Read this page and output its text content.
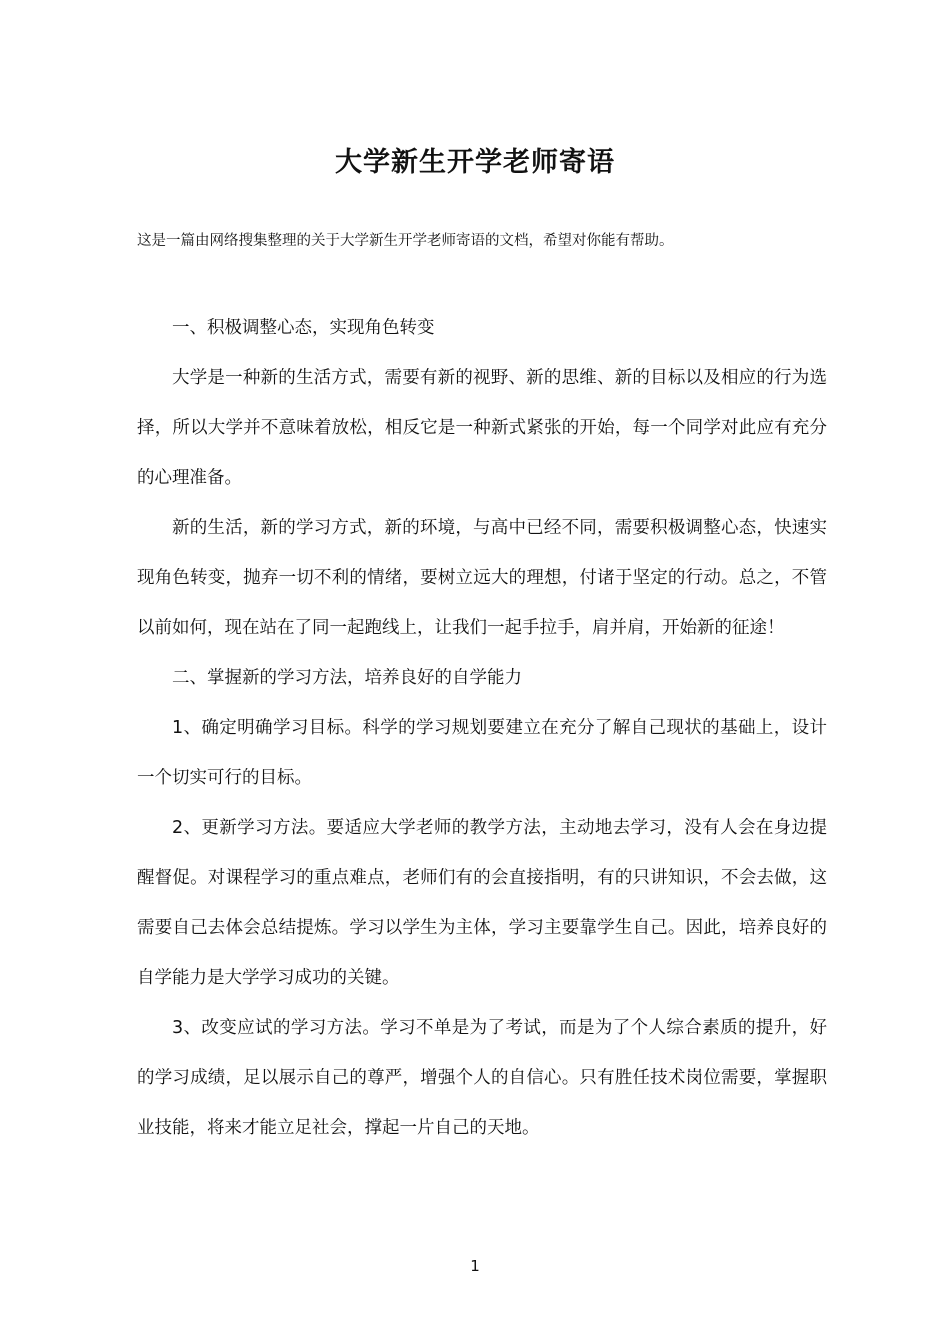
大学新生开学老师寄语
这是一篇由网络搜集整理的关于大学新生开学老师寄语的文档，希望对你能有帮助。

一、积极调整心态，实现角色转变

大学是一种新的生活方式，需要有新的视野、新的思维、新的目标以及相应的行为选择，所以大学并不意味着放松，相反它是一种新式紧张的开始，每一个同学对此应有充分的心理准备。

新的生活，新的学习方式，新的环境，与高中已经不同，需要积极调整心态，快速实现角色转变，抛弃一切不利的情绪，要树立远大的理想，付诸于坚定的行动。总之，不管以前如何，现在站在了同一起跑线上，让我们一起手拉手，肩并肩，开始新的征途！

二、掌握新的学习方法，培养良好的自学能力

1、确定明确学习目标。科学的学习规划要建立在充分了解自己现状的基础上，设计一个切实可行的目标。

2、更新学习方法。要适应大学老师的教学方法，主动地去学习，没有人会在身边提醒督促。对课程学习的重点难点，老师们有的会直接指明，有的只讲知识，不会去做，这需要自己去体会总结提炼。学习以学生为主体，学习主要靠学生自己。因此，培养良好的自学能力是大学学习成功的关键。

3、改变应试的学习方法。学习不单是为了考试，而是为了个人综合素质的提升，好的学习成绩，足以展示自己的尊严，增强个人的自信心。只有胜任技术岗位需要，掌握职业技能，将来才能立足社会，撑起一片自己的天地。

1
